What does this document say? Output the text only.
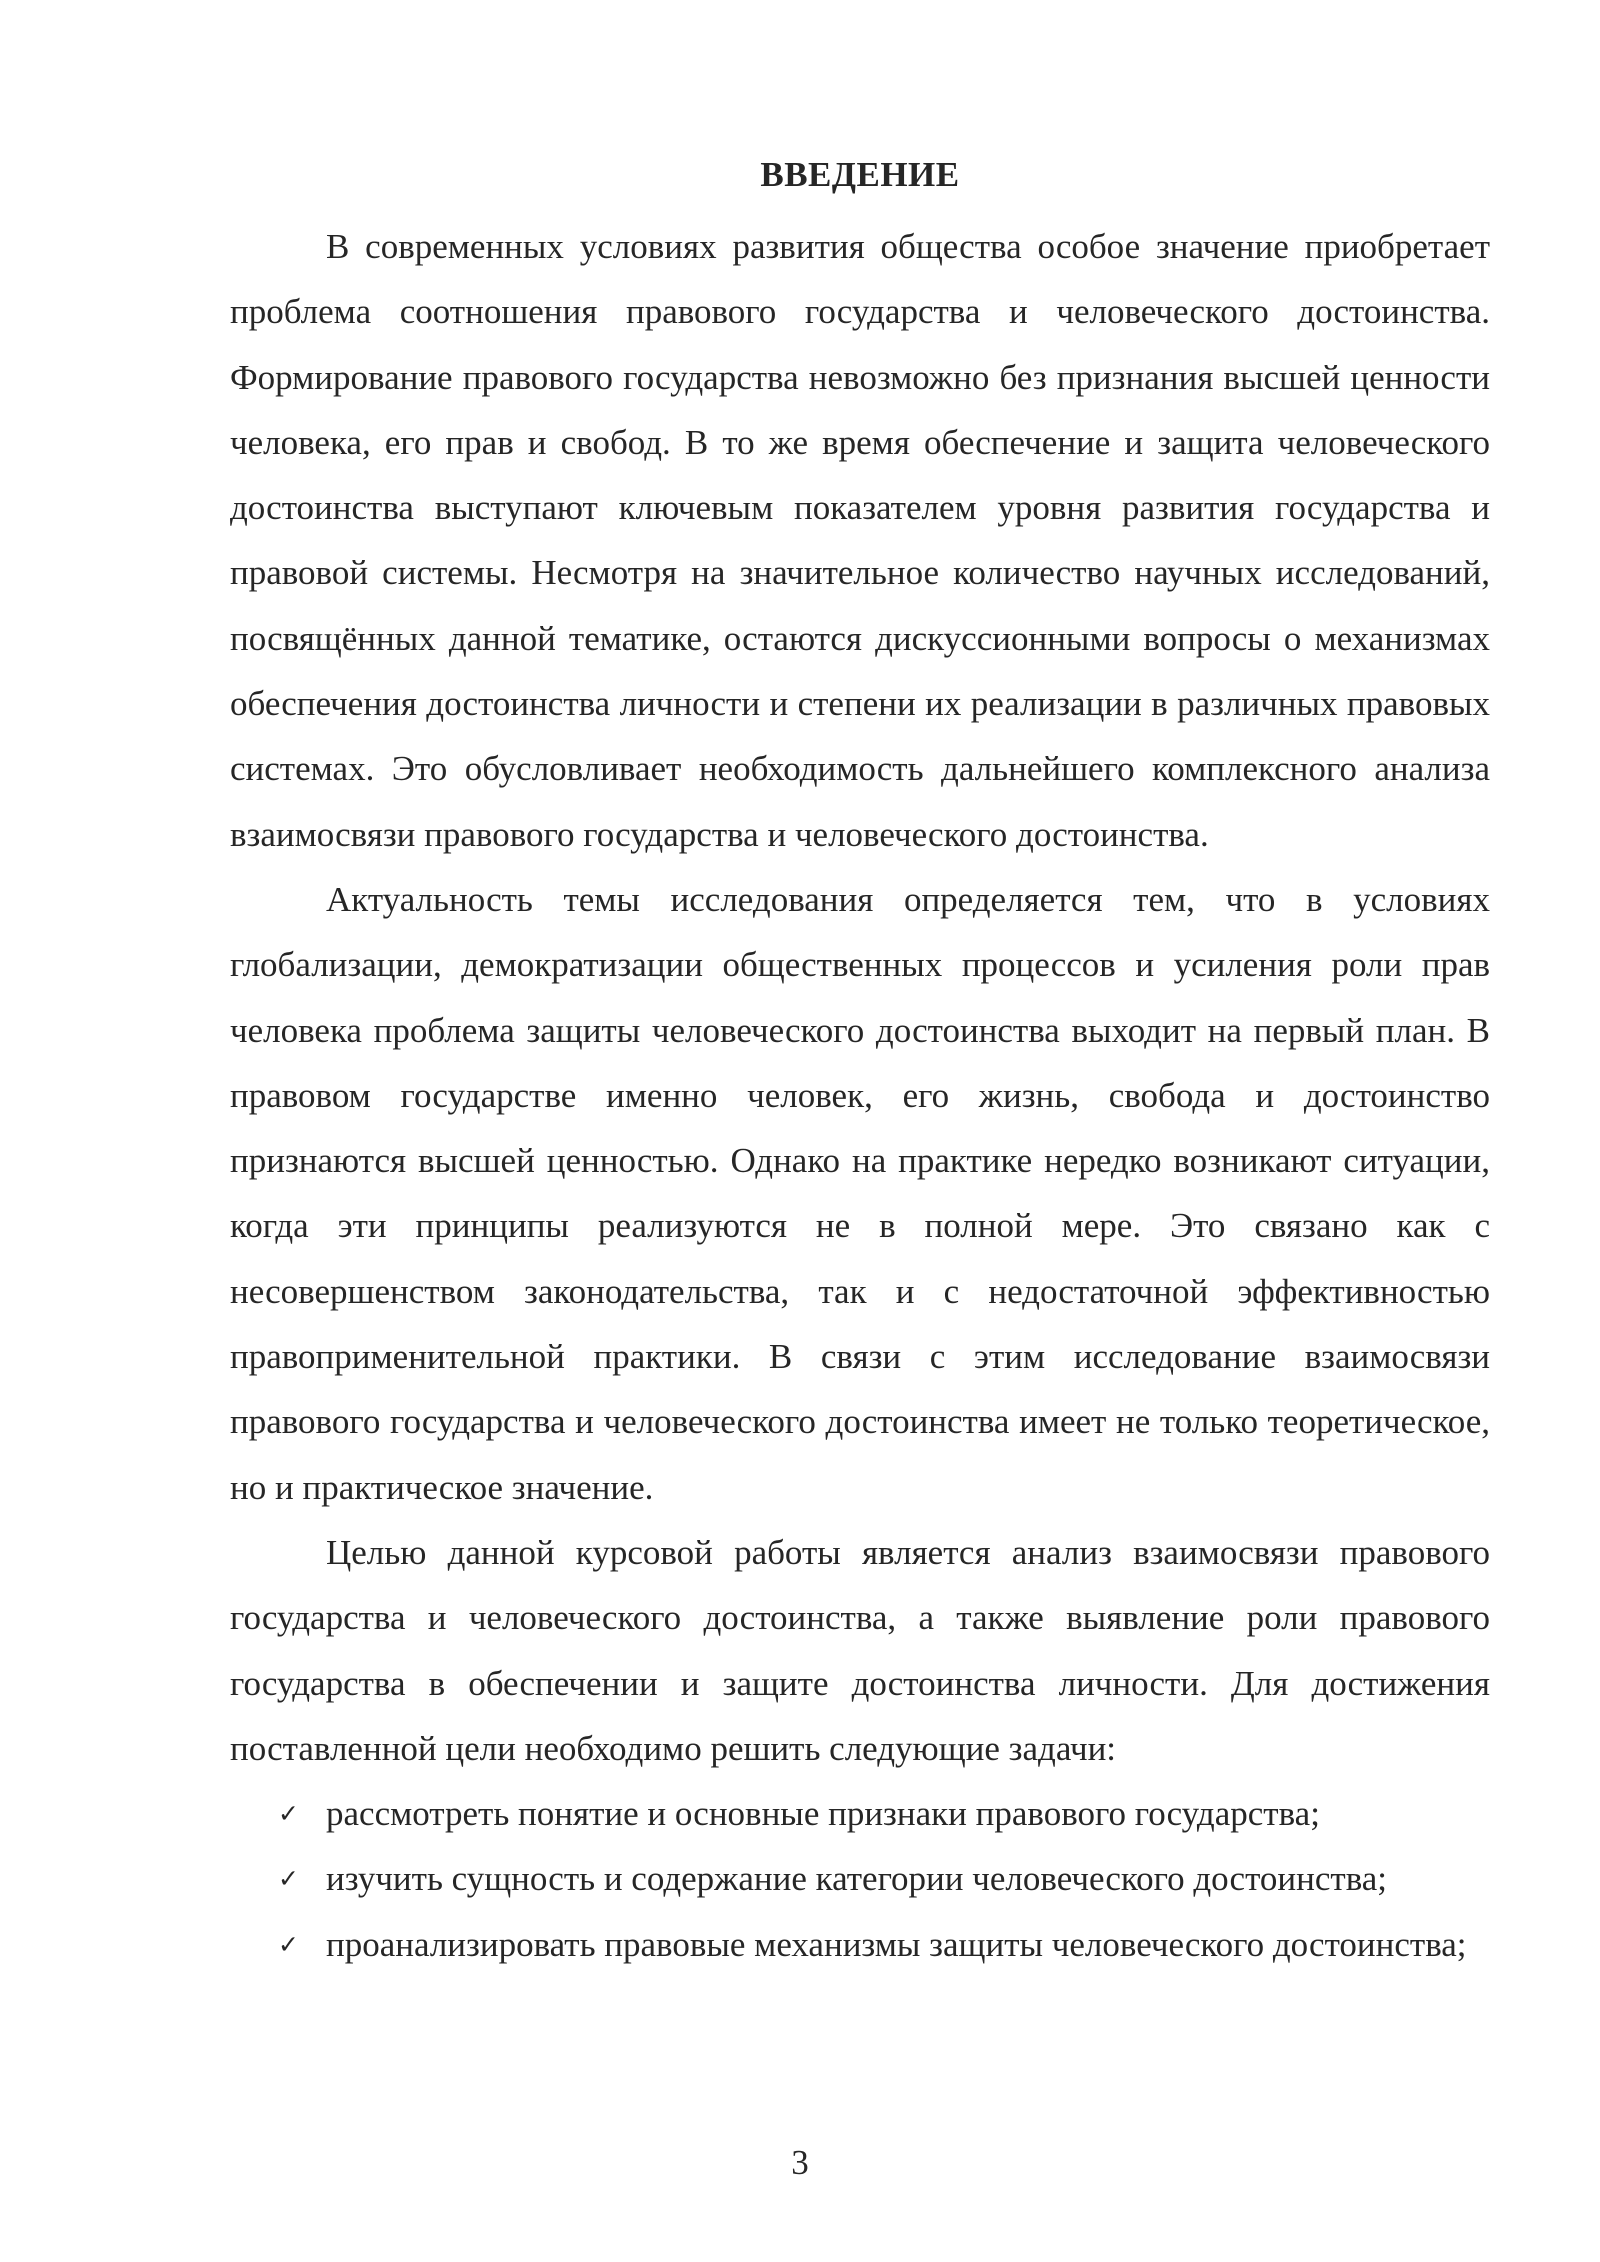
ВВЕДЕНИЕ

В современных условиях развития общества особое значение приобретает проблема соотношения правового государства и человеческого достоинства. Формирование правового государства невозможно без признания высшей ценности человека, его прав и свобод. В то же время обеспечение и защита человеческого достоинства выступают ключевым показателем уровня развития государства и правовой системы. Несмотря на значительное количество научных исследований, посвящённых данной тематике, остаются дискуссионными вопросы о механизмах обеспечения достоинства личности и степени их реализации в различных правовых системах. Это обусловливает необходимость дальнейшего комплексного анализа взаимосвязи правового государства и человеческого достоинства.

Актуальность темы исследования определяется тем, что в условиях глобализации, демократизации общественных процессов и усиления роли прав человека проблема защиты человеческого достоинства выходит на первый план. В правовом государстве именно человек, его жизнь, свобода и достоинство признаются высшей ценностью. Однако на практике нередко возникают ситуации, когда эти принципы реализуются не в полной мере. Это связано как с несовершенством законодательства, так и с недостаточной эффективностью правоприменительной практики. В связи с этим исследование взаимосвязи правового государства и человеческого достоинства имеет не только теоретическое, но и практическое значение.

Целью данной курсовой работы является анализ взаимосвязи правового государства и человеческого достоинства, а также выявление роли правового государства в обеспечении и защите достоинства личности. Для достижения поставленной цели необходимо решить следующие задачи:

✓ рассмотреть понятие и основные признаки правового государства;
✓ изучить сущность и содержание категории человеческого достоинства;
✓ проанализировать правовые механизмы защиты человеческого достоинства;
3
